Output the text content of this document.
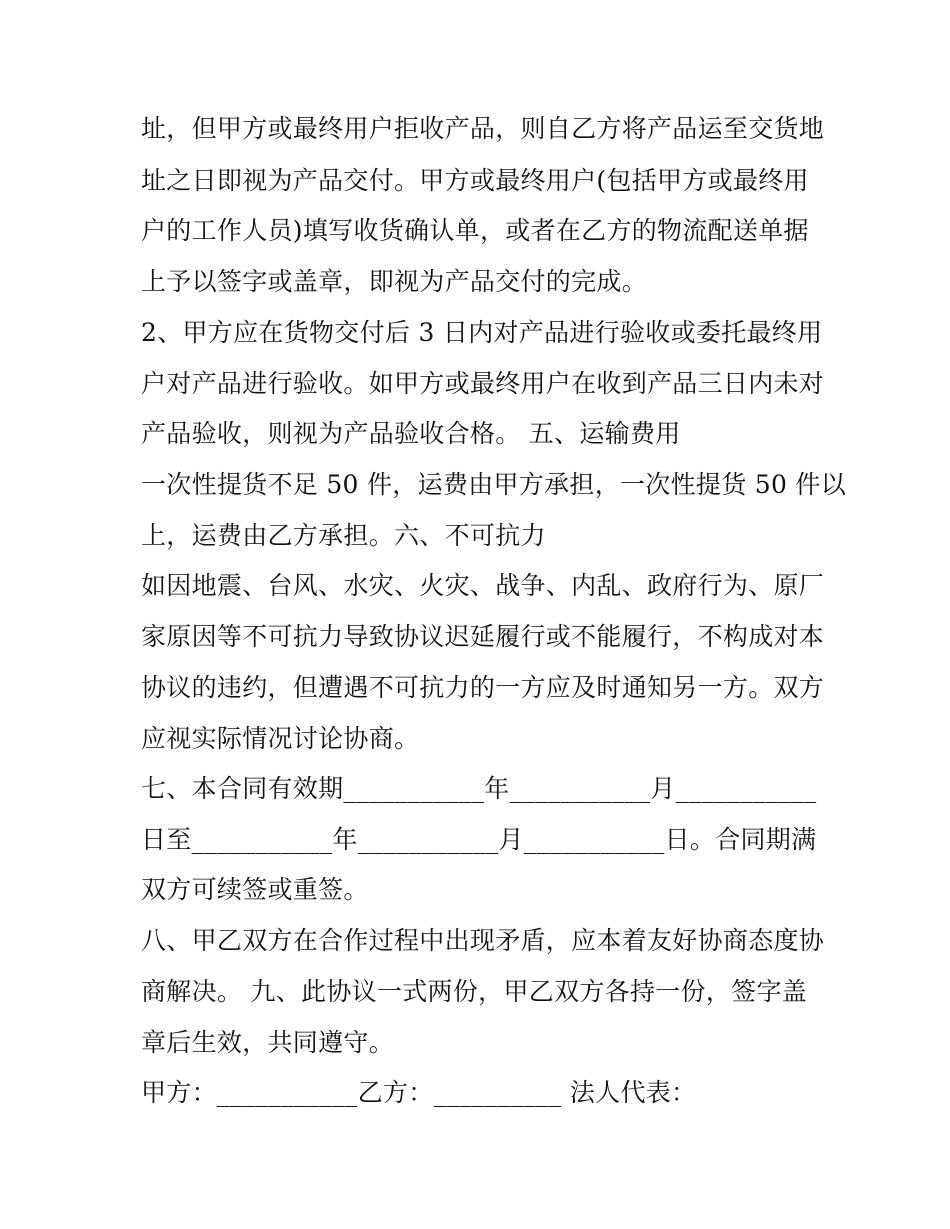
址，但甲方或最终用户拒收产品，则自乙方将产品运至交货地
址之日即视为产品交付。甲方或最终用户(包括甲方或最终用
户的工作人员)填写收货确认单，或者在乙方的物流配送单据
上予以签字或盖章，即视为产品交付的完成。
2、甲方应在货物交付后 3 日内对产品进行验收或委托最终用
户对产品进行验收。如甲方或最终用户在收到产品三日内未对
产品验收，则视为产品验收合格。 五、运输费用
一次性提货不足 50 件，运费由甲方承担，一次性提货 50 件以
上，运费由乙方承担。六、不可抗力
如因地震、台风、水灾、火灾、战争、内乱、政府行为、原厂
家原因等不可抗力导致协议迟延履行或不能履行，不构成对本
协议的违约，但遭遇不可抗力的一方应及时通知另一方。双方
应视实际情况讨论协商。
七、本合同有效期___________年___________月___________
日至___________年___________月___________日。合同期满
双方可续签或重签。
八、甲乙双方在合作过程中出现矛盾，应本着友好协商态度协
商解决。 九、此协议一式两份，甲乙双方各持一份，签字盖
章后生效，共同遵守。
甲方：___________乙方：__________ 法人代表：
